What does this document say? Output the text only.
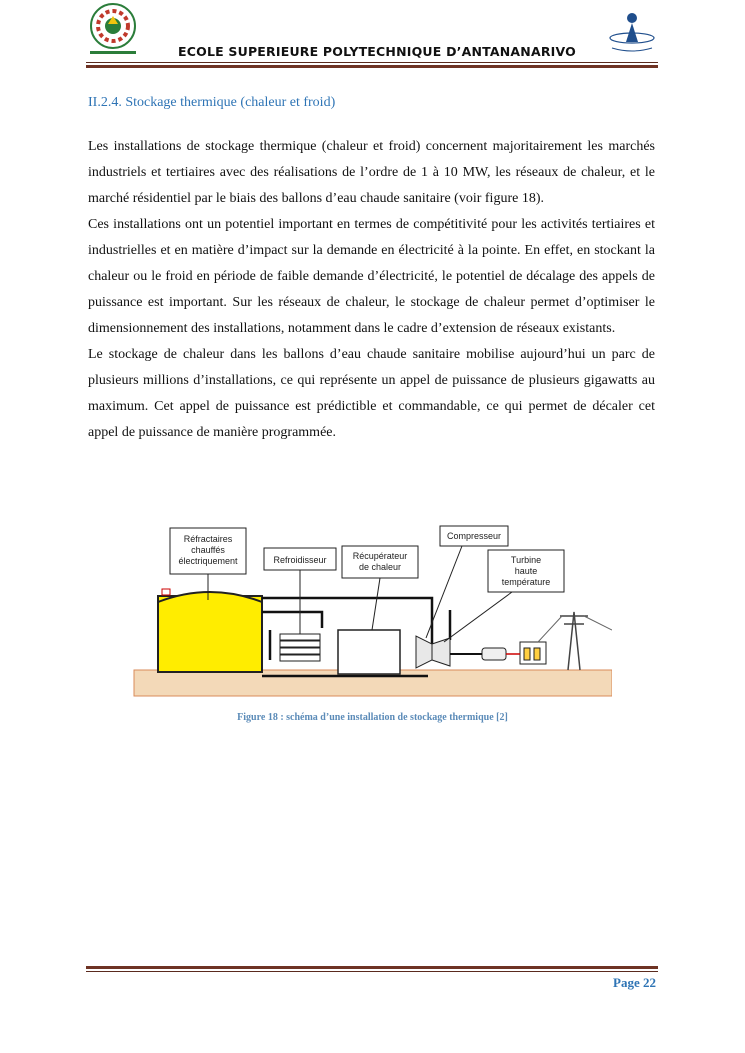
ECOLE SUPERIEURE POLYTECHNIQUE D’ANTANANARIVO
II.2.4. Stockage thermique (chaleur et froid)

Les installations de stockage thermique (chaleur et froid) concernent majoritairement les marchés industriels et tertiaires avec des réalisations de l’ordre de 1 à 10 MW, les réseaux de chaleur, et le marché résidentiel par le biais des ballons d’eau chaude sanitaire (voir figure 18).

Ces installations ont un potentiel important en termes de compétitivité pour les activités tertiaires et industrielles et en matière d’impact sur la demande en électricité à la pointe. En effet, en stockant la chaleur ou le froid en période de faible demande d’électricité, le potentiel de décalage des appels de puissance est important. Sur les réseaux de chaleur, le stockage de chaleur permet d’optimiser le dimensionnement des installations, notamment dans le cadre d’extension de réseaux existants.

Le stockage de chaleur dans les ballons d’eau chaude sanitaire mobilise aujourd’hui un parc de plusieurs millions d’installations, ce qui représente un appel de puissance de plusieurs gigawatts au maximum. Cet appel de puissance est prédictible et commandable, ce qui permet de décaler cet appel de puissance de manière programmée.

Réfractaires
chauffés
électriquement	Refroidisseur	Récupérateur
de chaleur
Compresseur
Turbine
haute
température
Figure 18 : schéma d’une installation de stockage thermique [2]
Page 22
